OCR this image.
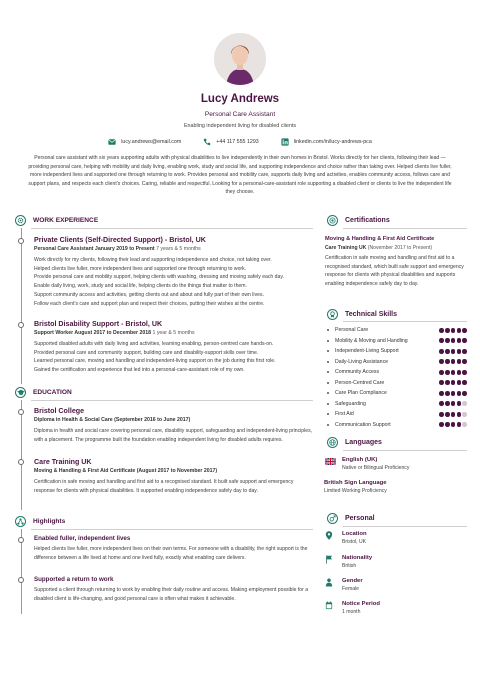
Lucy Andrews
Personal Care Assistant
Enabling independent living for disabled clients
lucy.andrews@email.com	+44 117 555 1293	linkedin.com/in/lucy-andrews-pca
Personal care assistant with six years supporting adults with physical disabilities to live independently in their own homes in Bristol. Works directly for her clients, following their lead — providing personal care, helping with mobility and daily living, enabling work, study and social life, and supporting independence and choice rather than taking over. Helped clients live fuller, more independent lives and supported one through returning to work. Provides personal and mobility care, supports daily living and activities, enables community access, follows care and support plans, and respects each client's choices. Caring, reliable and respectful. Looking for a personal-care-assistant role supporting a disabled client or clients to live the independent life they choose.
WORK EXPERIENCE
Private Clients (Self-Directed Support) - Bristol, UK
Personal Care Assistant January 2019 to Present 7 years & 5 months

Work directly for my clients, following their lead and supporting independence and choice, not taking over.

Helped clients live fuller, more independent lives and supported one through returning to work.

Provide personal care and mobility support, helping clients with washing, dressing and moving safely each day.

Enable daily living, work, study and social life, helping clients do the things that matter to them.

Support community access and activities, getting clients out and about and fully part of their own lives.

Follow each client's care and support plan and respect their choices, putting their wishes at the centre.

Bristol Disability Support - Bristol, UK
Support Worker August 2017 to December 2018 1 year & 5 months

Supported disabled adults with daily living and activities, learning enabling, person-centred care hands-on.

Provided personal care and community support, building care and disability-support skills over time.

Learned personal care, moving and handling and independent-living support on the job during this first role.

Gained the certification and experience that led into a personal-care-assistant role of my own.

EDUCATION
Bristol College
Diploma in Health & Social Care (September 2016 to June 2017)
Diploma in health and social care covering personal care, disability support, safeguarding and independent-living principles, with a placement. The programme built the foundation enabling independent living for disabled adults requires.
Care Training UK
Moving & Handling & First Aid Certificate (August 2017 to November 2017)
Certification in safe moving and handling and first aid to a recognised standard. It built safe support and emergency response for clients with physical disabilities. It supported enabling independence safely day to day.
Highlights
Enabled fuller, independent lives
Helped clients live fuller, more independent lives on their own terms. For someone with a disability, the right support is the difference between a life lived at home and one lived fully, exactly what enabling care delivers.
Supported a return to work
Supported a client through returning to work by enabling their daily routine and access. Making employment possible for a disabled client is life-changing, and good personal care is often what makes it achievable.
Certifications
Moving & Handling & First Aid Certificate
Care Training UK (November 2017 to Present)
Certification in safe moving and handling and first aid to a recognised standard, which built safe support and emergency response for clients with physical disabilities and supports enabling independence safely day to day.
Technical Skills
Personal Care
Mobility & Moving and Handling
Independent-Living Support
Daily-Living Assistance
Community Access
Person-Centred Care
Care Plan Compliance
Safeguarding
First Aid
Communication Support
Languages
English (UK)
Native or Bilingual Proficiency
British Sign Language
Limited Working Proficiency
Personal
Location
Bristol, UK
Nationality
British
Gender
Female
Notice Period
1 month
